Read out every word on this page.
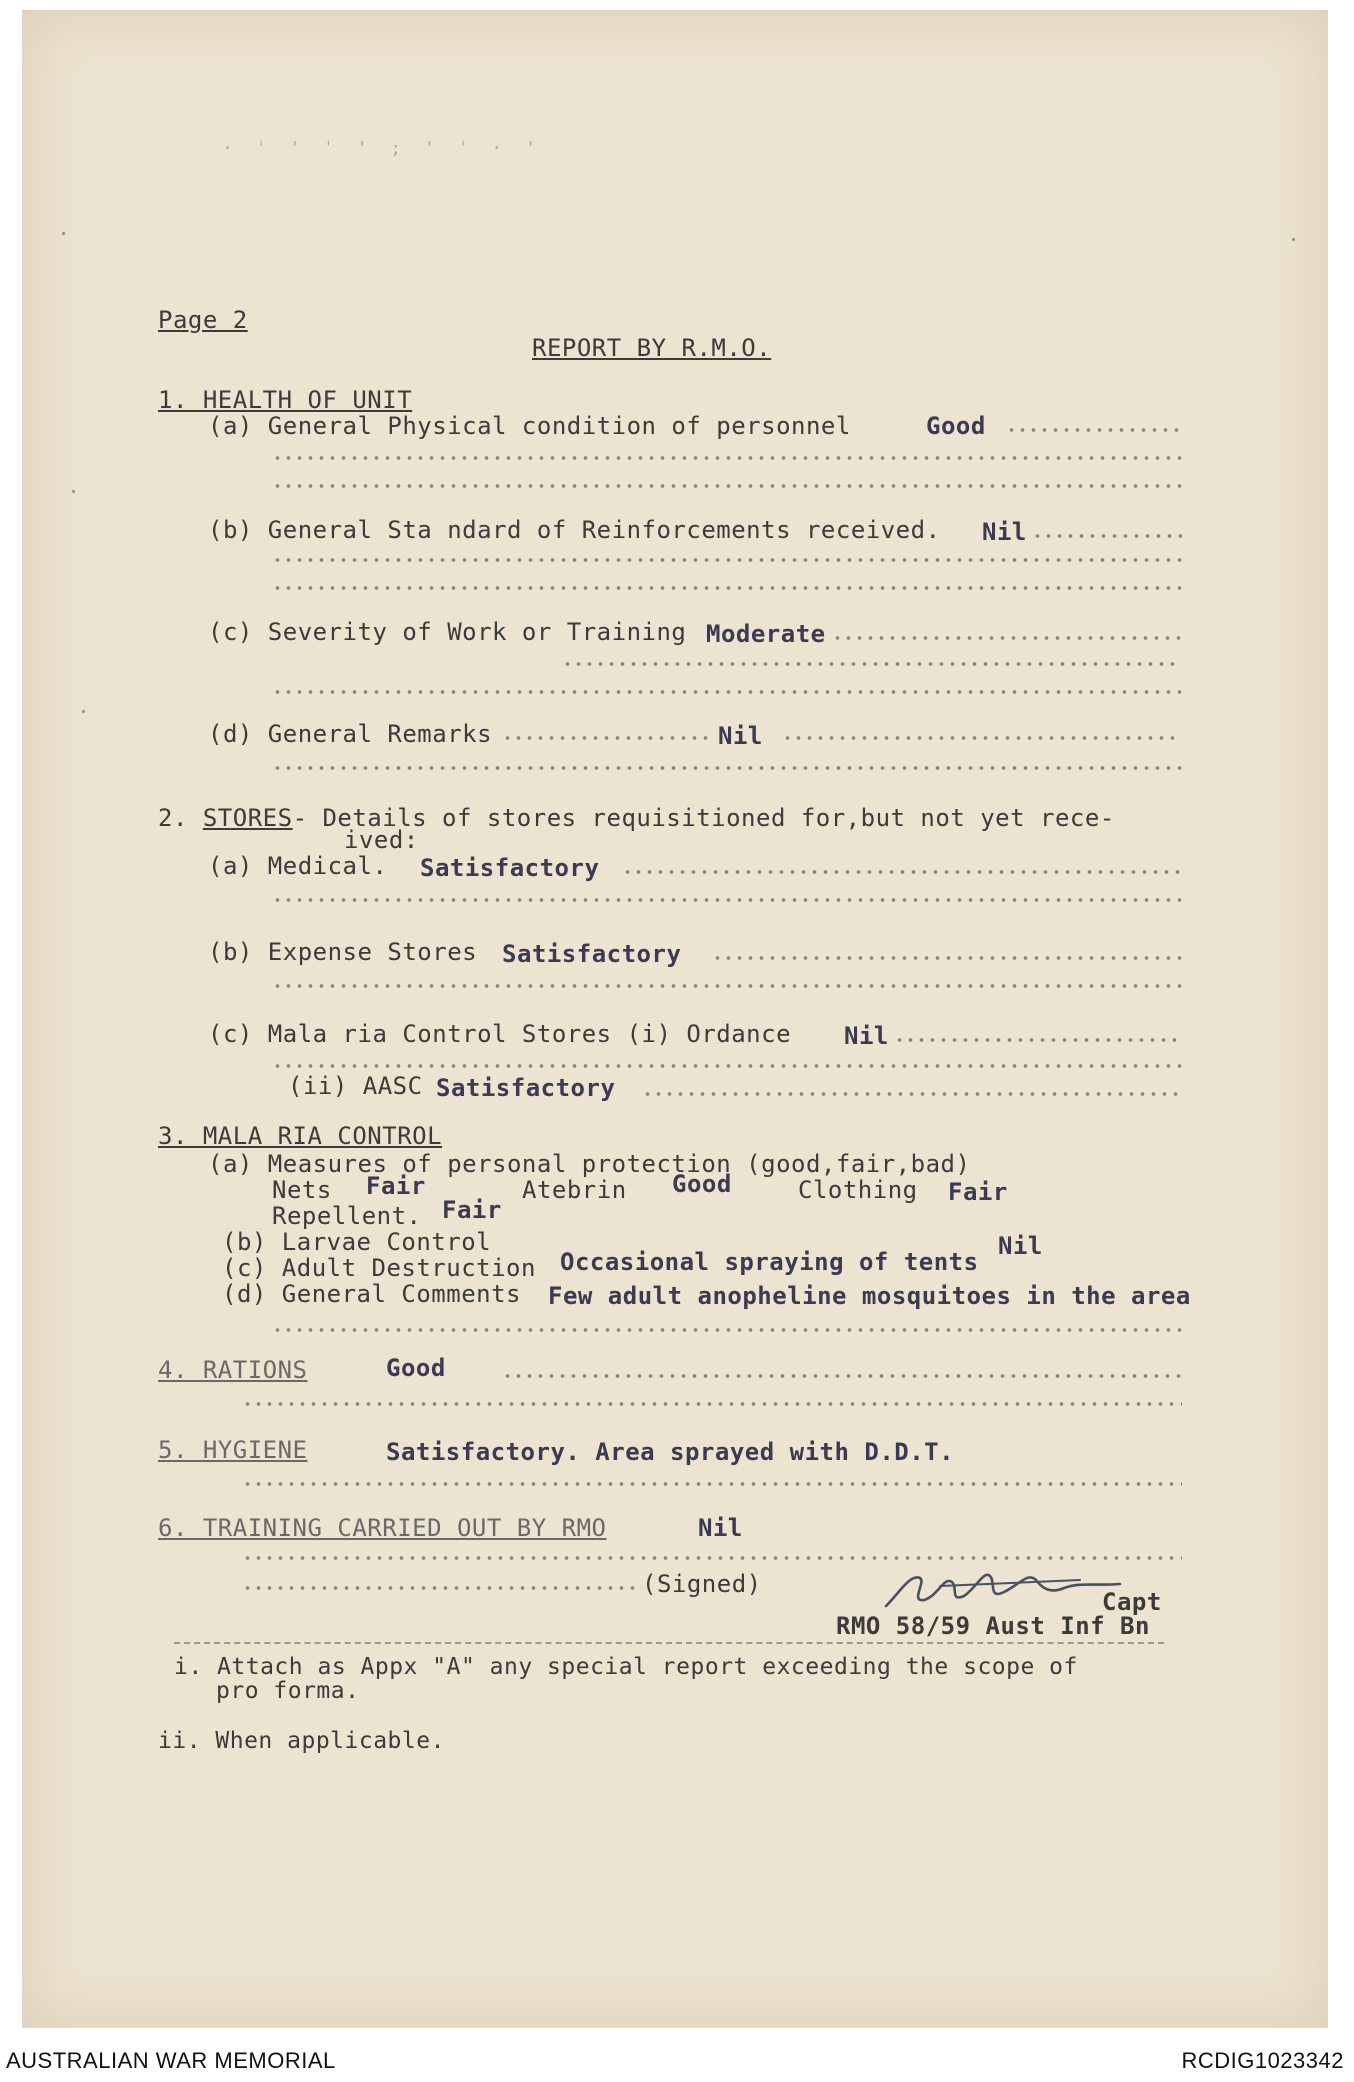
· ˈ ' ˈ ' ; ' ˈ · '
Page 2
REPORT BY R.M.O.
1. HEALTH OF UNIT
(a) General Physical condition of personnel	Good
(b) General Sta ndard of Reinforcements received. Nil
(c) Severity of Work or Training Moderate
(d) General Remarks	Nil
2. STORES- Details of stores requisitioned for,but not yet rece-
ived:
(a) Medical. Satisfactory
(b) Expense Stores Satisfactory
(c) Mala ria Control Stores (i) Ordance Nil
(ii) AASC Satisfactory
3. MALA RIA CONTROL
(a) Measures of personal protection (good,fair,bad)
Nets Fair	Atebrin Good	Clothing Fair
Repellent. Fair
(b) Larvae Control	Nil
(c) Adult Destruction Occasional spraying of tents
(d) General Comments Few adult anopheline mosquitoes in the area
4. RATIONS	Good
5. HYGIENE	Satisfactory. Area sprayed with D.D.T.
6. TRAINING CARRIED OUT BY RMO	Nil
(Signed)
Capt
RMO 58/59 Aust Inf Bn
i. Attach as Appx "A" any special report exceeding the scope of
pro forma.
ii. When applicable.
AUSTRALIAN WAR MEMORIAL	RCDIG1023342
